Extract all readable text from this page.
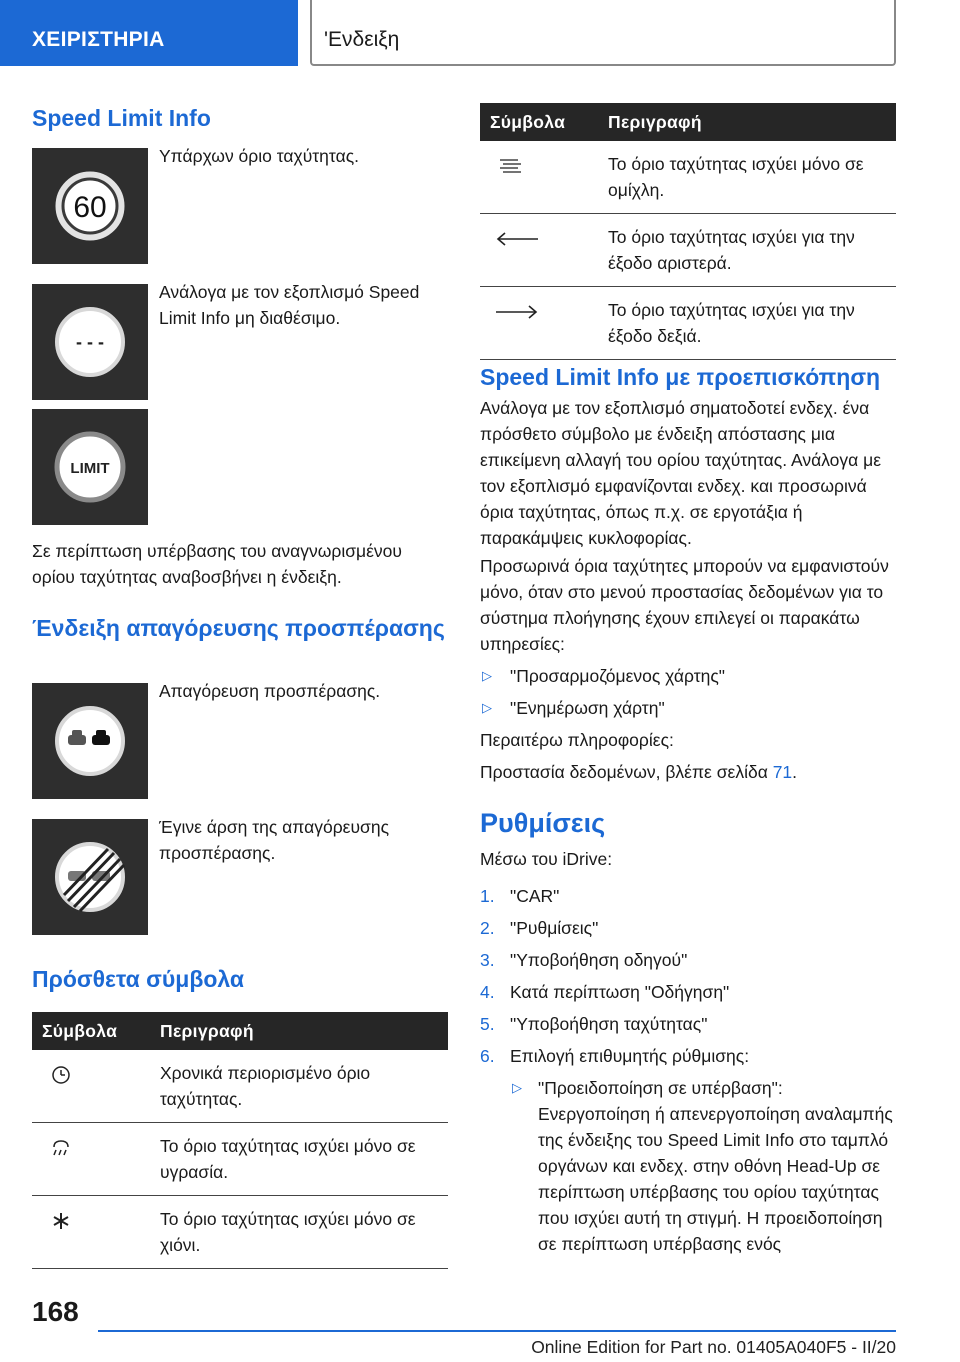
ΧΕΙΡΙΣΤΗΡΙΑ	'Ενδειξη
Speed Limit Info
60
Υπάρχων όριο ταχύτητας.
- - -
Ανάλογα με τον εξοπλισμό Speed Limit Info μη διαθέσιμο.
LIMIT

Σε περίπτωση υπέρβασης του αναγνωρισμένου ορίου ταχύτητας αναβοσβήνει η ένδειξη.

Ένδειξη απαγόρευσης προσπέρασης
Απαγόρευση προσπέρασης.
Έγινε άρση της απαγόρευσης προσπέρασης.
Πρόσθετα σύμβολα
Σύμβολα	Περιγραφή
	Χρονικά περιορισμένο όριο ταχύτητας.
	Το όριο ταχύτητας ισχύει μόνο σε υγρασία.
	Το όριο ταχύτητας ισχύει μόνο σε χιόνι.
Σύμβολα	Περιγραφή
	Το όριο ταχύτητας ισχύει μόνο σε ομίχλη.
	Το όριο ταχύτητας ισχύει για την έξοδο αριστερά.
	Το όριο ταχύτητας ισχύει για την έξοδο δεξιά.
Speed Limit Info με προεπισκόπηση

Ανάλογα με τον εξοπλισμό σηματοδοτεί ενδεχ. ένα πρόσθετο σύμβολο με ένδειξη απόστασης μια επικείμενη αλλαγή του ορίου ταχύτητας. Ανάλογα με τον εξοπλισμό εμφανίζονται ενδεχ. και προσωρινά όρια ταχύτητας, όπως π.χ. σε εργοτάξια ή παρακάμψεις κυκλοφορίας.

Προσωρινά όρια ταχύτητες μπορούν να εμφανιστούν μόνο, όταν στο μενού προστασίας δεδομένων για το σύστημα πλοήγησης έχουν επιλεγεί οι παρακάτω υπηρεσίες:

▷ "Προσαρμοζόμενος χάρτης"
▷ "Ενημέρωση χάρτη"

Περαιτέρω πληροφορίες:

Προστασία δεδομένων, βλέπε σελίδα 71.

Ρυθμίσεις

Μέσω του iDrive:

1. "CAR"
2. "Ρυθμίσεις"
3. "Υποβοήθηση οδηγού"
4. Κατά περίπτωση "Οδήγηση"
5. "Υποβοήθηση ταχύτητας"
6. Επιλογή επιθυμητής ρύθμισης:
▷ "Προειδοποίηση σε υπέρβαση": Ενεργοποίηση ή απενεργοποίηση αναλαμπής της ένδειξης του Speed Limit Info στο ταμπλό οργάνων και ενδεχ. στην οθόνη Head-Up σε περίπτωση υπέρβασης του ορίου ταχύτητας που ισχύει αυτή τη στιγμή. Η προειδοποίηση σε περίπτωση υπέρβασης ενός
168
Online Edition for Part no. 01405A040F5 - II/20
